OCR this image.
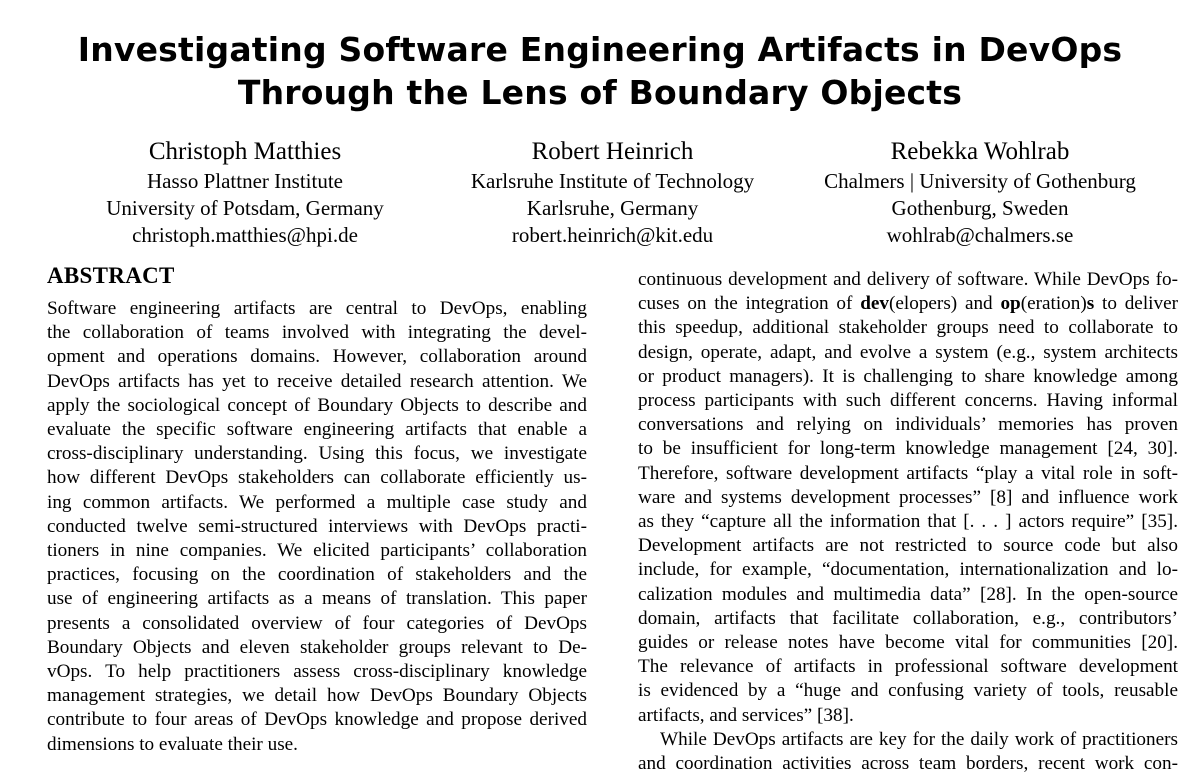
Investigating Software Engineering Artifacts in DevOps
Through the Lens of Boundary Objects
Christoph Matthies
Hasso Plattner Institute
University of Potsdam, Germany
christoph.matthies@hpi.de
Robert Heinrich
Karlsruhe Institute of Technology
Karlsruhe, Germany
robert.heinrich@kit.edu
Rebekka Wohlrab
Chalmers | University of Gothenburg
Gothenburg, Sweden
wohlrab@chalmers.se
ABSTRACT
Software engineering artifacts are central to DevOps, enabling
the collaboration of teams involved with integrating the devel-
opment and operations domains. However, collaboration around
DevOps artifacts has yet to receive detailed research attention. We
apply the sociological concept of Boundary Objects to describe and
evaluate the specific software engineering artifacts that enable a
cross-disciplinary understanding. Using this focus, we investigate
how different DevOps stakeholders can collaborate efficiently us-
ing common artifacts. We performed a multiple case study and
conducted twelve semi-structured interviews with DevOps practi-
tioners in nine companies. We elicited participants’ collaboration
practices, focusing on the coordination of stakeholders and the
use of engineering artifacts as a means of translation. This paper
presents a consolidated overview of four categories of DevOps
Boundary Objects and eleven stakeholder groups relevant to De-
vOps. To help practitioners assess cross-disciplinary knowledge
management strategies, we detail how DevOps Boundary Objects
contribute to four areas of DevOps knowledge and propose derived
dimensions to evaluate their use.
continuous development and delivery of software. While DevOps fo-
cuses on the integration of dev(elopers) and op(eration)s to deliver
this speedup, additional stakeholder groups need to collaborate to
design, operate, adapt, and evolve a system (e.g., system architects
or product managers). It is challenging to share knowledge among
process participants with such different concerns. Having informal
conversations and relying on individuals’ memories has proven
to be insufficient for long-term knowledge management [24, 30].
Therefore, software development artifacts “play a vital role in soft-
ware and systems development processes” [8] and influence work
as they “capture all the information that [. . . ] actors require” [35].
Development artifacts are not restricted to source code but also
include, for example, “documentation, internationalization and lo-
calization modules and multimedia data” [28]. In the open-source
domain, artifacts that facilitate collaboration, e.g., contributors’
guides or release notes have become vital for communities [20].
The relevance of artifacts in professional software development
is evidenced by a “huge and confusing variety of tools, reusable
artifacts, and services” [38].
While DevOps artifacts are key for the daily work of practitioners
and coordination activities across team borders, recent work con-
